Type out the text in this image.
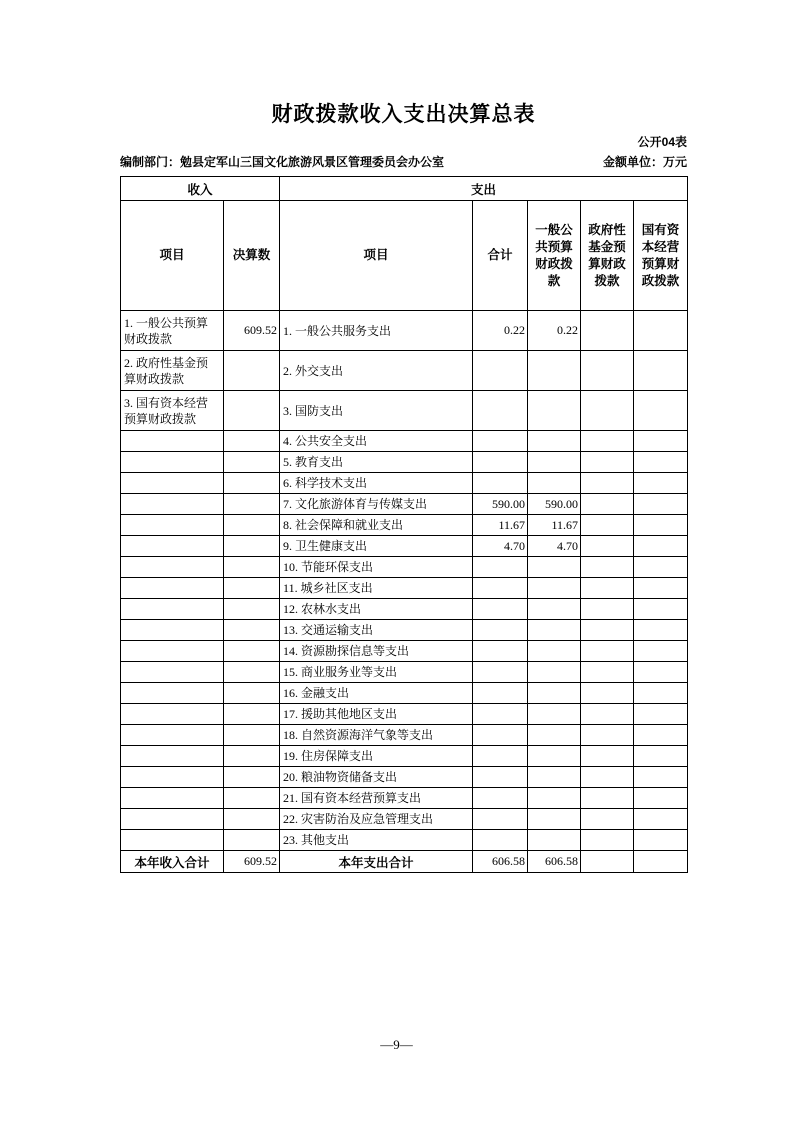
财政拨款收入支出决算总表
公开04表
编制部门：勉县定军山三国文化旅游风景区管理委员会办公室	金额单位：万元
收入		支出				
项目	决算数	项目	合计	一般公共预算财政拨款	政府性基金预算财政拨款	国有资本经营预算财政拨款
1. 一般公共预算财政拨款	609.52	1. 一般公共服务支出	0.22	0.22		
2. 政府性基金预算财政拨款		2. 外交支出				
3. 国有资本经营预算财政拨款		3. 国防支出				
		4. 公共安全支出				
		5. 教育支出				
		6. 科学技术支出				
		7. 文化旅游体育与传媒支出	590.00	590.00		
		8. 社会保障和就业支出	11.67	11.67		
		9. 卫生健康支出	4.70	4.70		
		10. 节能环保支出				
		11. 城乡社区支出				
		12. 农林水支出				
		13. 交通运输支出				
		14. 资源勘探信息等支出				
		15. 商业服务业等支出				
		16. 金融支出				
		17. 援助其他地区支出				
		18. 自然资源海洋气象等支出				
		19. 住房保障支出				
		20. 粮油物资储备支出				
		21. 国有资本经营预算支出				
		22. 灾害防治及应急管理支出				
		23. 其他支出				
本年收入合计	609.52	本年支出合计	606.58	606.58		
—9—
